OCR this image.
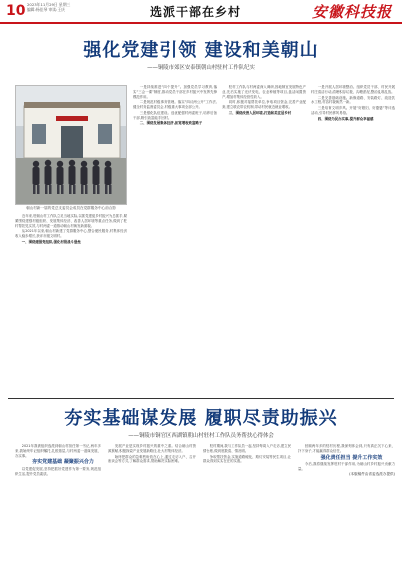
10 2023年11月29日 星期三
编辑:杨佳琴 审读:王庆	选派干部在乡村	安徽科技报
强化党建引领 建设和美朝山
——铜陵市郊区安泰镇朝山村驻村工作队纪实
朝山村新一届的党总支委员会成员在党群服务中心前合影

近年来,驻朝山村工作队立足当地实际,以抓党建促乡村振兴为总抓手,紧紧围绕建强村级组织、发展集体经济、改善人居环境等重点任务,做到了驻村帮扶见实效,与村两委一道推动朝山村焕发新面貌。

从2021年以来,朝山村新建了党群服务中心,整合便民服务,村集体经济收入稳步增长,获评市级文明村。

一、围绕建强党组织,强化村级战斗堡垒

一是持续推进“四个提升”。加强党员学习教育,落实“三会一课”制度,推动党员干部在乡村振兴中发挥先锋模范作用。

二是规范村级事务管理。落实“四议两公开”工作法,健全村务监督委员会,村级重大事项全部公开。

三是强化队伍建设。选优配强村两委班子,培养后备干部,吸引致富能手回村。

二、围绕发展集体经济,拓宽增收致富路子

驻村工作队与村两委深入调研,因地制宜发展特色产业,先后实施了光伏发电、农业种植等项目,盘活闲置资产,增加村集体经营性收入。

同时,积极对接帮扶单位,争取项目资金,完善产业配套,建立联农带农机制,带动村民就近就业增收。

三、围绕改善人居环境,打造和美宜居乡村

一是开展人居环境整治。组织党员干部、村民开展村庄清洁行动,清理积存垃圾、沟塘淤泥,整治乱堆乱放。

二是完善基础设施。新修道路、安装路灯、改造饮水工程,村容村貌焕然一新。

三是培育文明乡风。开展“好媳妇、好婆婆”等评选活动,引导村民移风易俗。

四、围绕为民办实事,提升群众幸福感

夯实基础谋发展 履职尽责助振兴
——铜陵市铜官区西湖镇朝山村驻村工作队员务帮扶心得体会

2021年我被组织选派到朝山村担任第一书记,两年多来,我始终牢记组织嘱托,扎根基层,与村两委一道谋发展、办实事。

夯实党建基础 凝聚振兴合力

以党建促发展,坚持把抓好党建作为第一要务,规范组织生活,提升党员素质。

发展产业是实现乡村振兴的重中之重。结合朝山村资源禀赋,积极探索产业发展新路径,壮大村集体经济。

始终把群众的急难愁盼放在心上,通过走访入户、召开座谈会等方式,了解群众需求,帮助解决实际困难。

驻村期间,我与工作队员一起,坚持每周入户走访,建立民情台账,做到底数清、情况明。

争取帮扶资金,实施道路硬化、路灯安装等民生项目,让群众得到实实在在的实惠。

回顾两年多的驻村历程,我深刻体会到,只有真正沉下心来、扑下身子,才能赢得群众信任。

强化责任担当 提升工作实效

今后,我将继续发挥驻村干部作用,为朝山村乡村振兴贡献力量。

(本版稿件由省委选派办提供)
